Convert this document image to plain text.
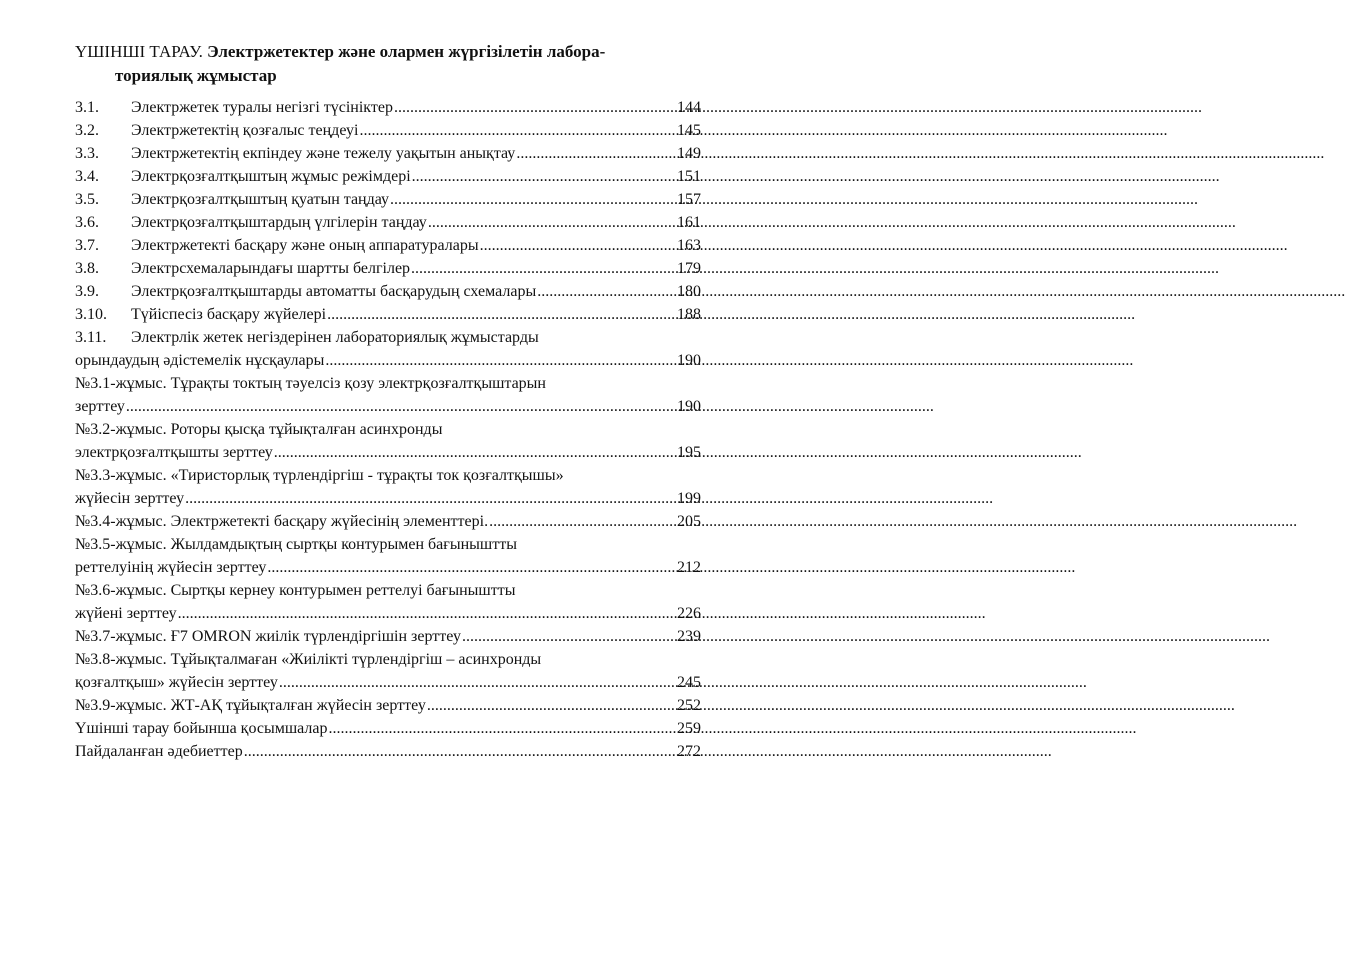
ҮШІНШІ ТАРАУ. Электржетектер және олармен жүргізілетін лабора-
ториялық жұмыстар
3.1.	Электржетек туралы негізгі түсініктер .....	144
3.2.	Электржетектің қозғалыс теңдеуі .....	145
3.3.	Электржетектің екпіндеу және тежелу уақытын анықтау .....	149
3.4.	Электрқозғалтқыштың жұмыс режімдері .....	151
3.5.	Электрқозғалтқыштың қуатын таңдау .....	157
3.6.	Электрқозғалтқыштардың үлгілерін таңдау .....	161
3.7.	Электржетекті басқару және оның аппаратуралары .....	163
3.8.	Электрсхемаларындағы шартты белгілер .....	179
3.9.	Электрқозғалтқыштарды автоматты басқарудың схемалары .....	180
3.10.	Түйіспесіз басқару жүйелері .....	188
3.11.	Электрлік жетек негіздерінен лабораториялық жұмыстарды
орындаудың әдістемелік нұсқаулары .....	190
№3.1-жұмыс. Тұрақты токтың тәуелсіз қозу электрқозғалтқыштарын
зерттеу .....	190
№3.2-жұмыс. Роторы қысқа тұйықталған асинхронды
электрқозғалтқышты зерттеу .....	195
№3.3-жұмыс. «Тиристорлық түрлендіргіш - тұрақты ток қозғалтқышы»
жүйесін зерттеу .....	199
№3.4-жұмыс. Электржетекті басқару жүйесінің элементтері. .....	205
№3.5-жұмыс. Жылдамдықтың сыртқы контурымен бағыныштты
реттелуінің жүйесін зерттеу .....	212
№3.6-жұмыс. Сыртқы кернеу контурымен реттелуі бағыныштты
жүйені зерттеу .....	226
№3.7-жұмыс. Ғ7 OMRON жиілік түрлендіргішін зерттеу .....	239
№3.8-жұмыс. Тұйықталмаған «Жиілікті түрлендіргіш – асинхронды
қозғалтқыш» жүйесін зерттеу .....	245
№3.9-жұмыс. ЖТ-АҚ тұйықталған жүйесін зерттеу .....	252
Үшінші тарау бойынша қосымшалар .....	259
Пайдаланған әдебиеттер .....	272
